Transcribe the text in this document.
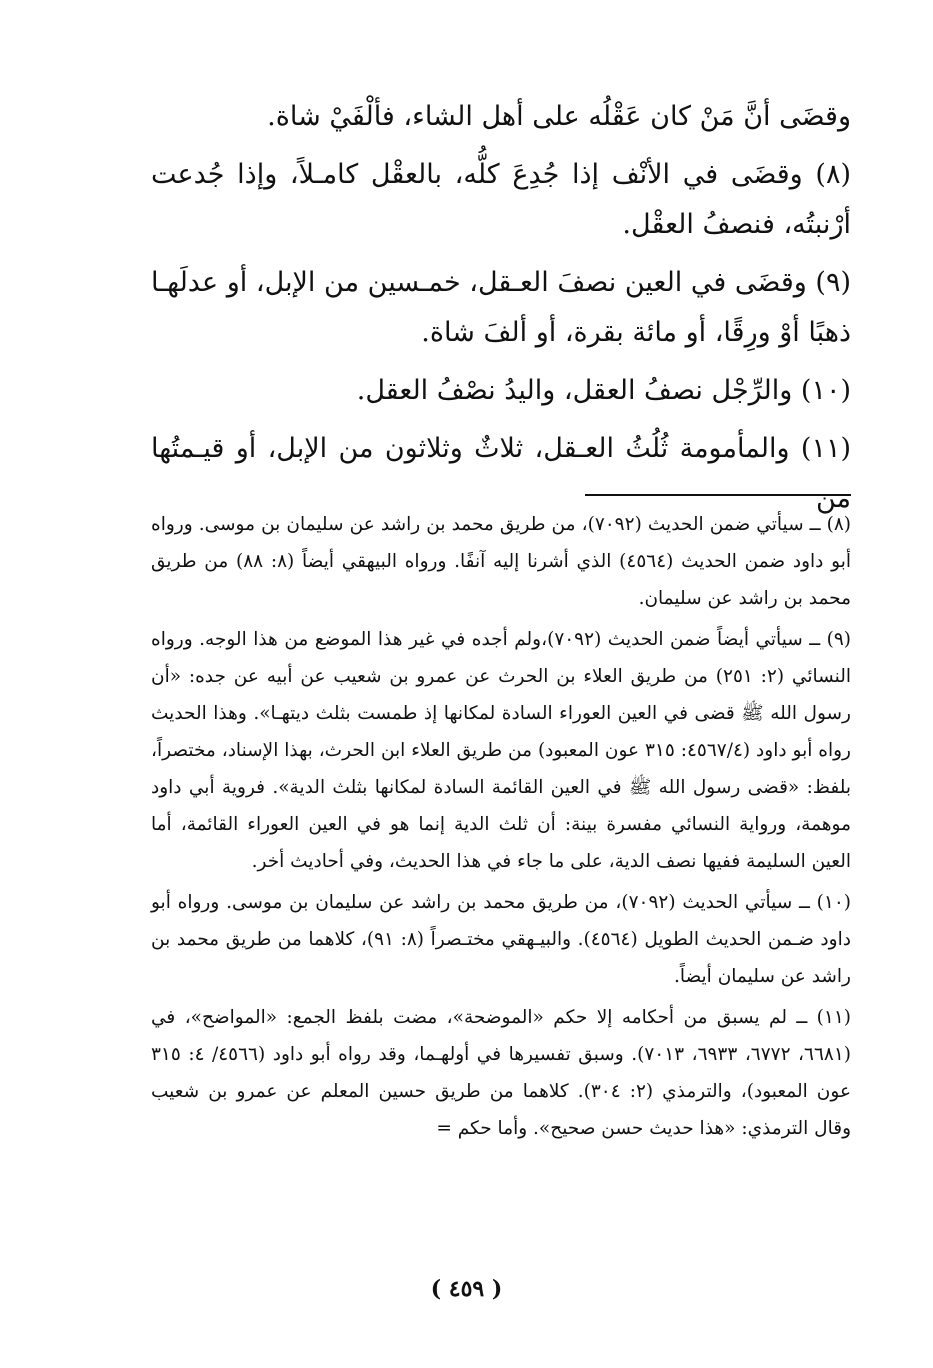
وقضَى أنَّ مَنْ كان عَقْلُه على أهل الشاء، فألْفَيْ شاة.

(٨) وقضَى في الأنْف إذا جُدِعَ كلُّه، بالعقْل كامـلاً، وإذا جُدعت أرْنبتُه، فنصفُ العقْل.

(٩) وقضَى في العين نصفَ العـقل، خمـسين من الإبل، أو عدلَهـا ذهبًا أوْ ورِقًا، أو مائة بقرة، أو ألفَ شاة.

(١٠) والرِّجْل نصفُ العقل، واليدُ نصْفُ العقل.

(١١) والمأمومة ثُلُثُ العـقل، ثلاثٌ وثلاثون من الإبل، أو قيـمتُها من

(٨) ــ سيأتي ضمن الحديث (٧٠٩٢)، من طريق محمد بن راشد عن سليمان بن موسى. ورواه أبو داود ضمن الحديث (٤٥٦٤) الذي أشرنا إليه آنفًا. ورواه البيهقي أيضاً (٨: ٨٨) من طريق محمد بن راشد عن سليمان.

(٩) ــ سيأتي أيضاً ضمن الحديث (٧٠٩٢)،ولم أجده في غير هذا الموضع من هذا الوجه. ورواه النسائي (٢: ٢٥١) من طريق العلاء بن الحرث عن عمرو بن شعيب عن أبيه عن جده: «أن رسول الله ﷺ قضى في العين العوراء السادة لمكانها إذ طمست بثلث ديتهـا». وهذا الحديث رواه أبو داود (٤٥٦٧/٤: ٣١٥ عون المعبود) من طريق العلاء ابن الحرث، بهذا الإسناد، مختصراً، بلفظ: «قضى رسول الله ﷺ في العين القائمة السادة لمكانها بثلث الدية». فروية أبي داود موهمة، ورواية النسائي مفسرة بينة: أن ثلث الدية إنما هو في العين العوراء القائمة، أما العين السليمة ففيها نصف الدية، على ما جاء في هذا الحديث، وفي أحاديث أخر.

(١٠) ــ سيأتي الحديث (٧٠٩٢)، من طريق محمد بن راشد عن سليمان بن موسى. ورواه أبو داود ضـمن الحديث الطويل (٤٥٦٤). والبيـهقي مختـصراً (٨: ٩١)، كلاهما من طريق محمد بن راشد عن سليمان أيضاً.

(١١) ــ لم يسبق من أحكامه إلا حكم «الموضحة»، مضت بلفظ الجمع: «المواضح»، في (٦٦٨١، ٦٧٧٢، ٦٩٣٣، ٧٠١٣). وسبق تفسيرها في أولهـما، وقد رواه أبو داود (٤٥٦٦/ ٤: ٣١٥ عون المعبود)، والترمذي (٢: ٣٠٤). كلاهما من طريق حسين المعلم عن عمرو بن شعيب وقال الترمذي: «هذا حديث حسن صحيح». وأما حكم =

( ٤٥٩ )
